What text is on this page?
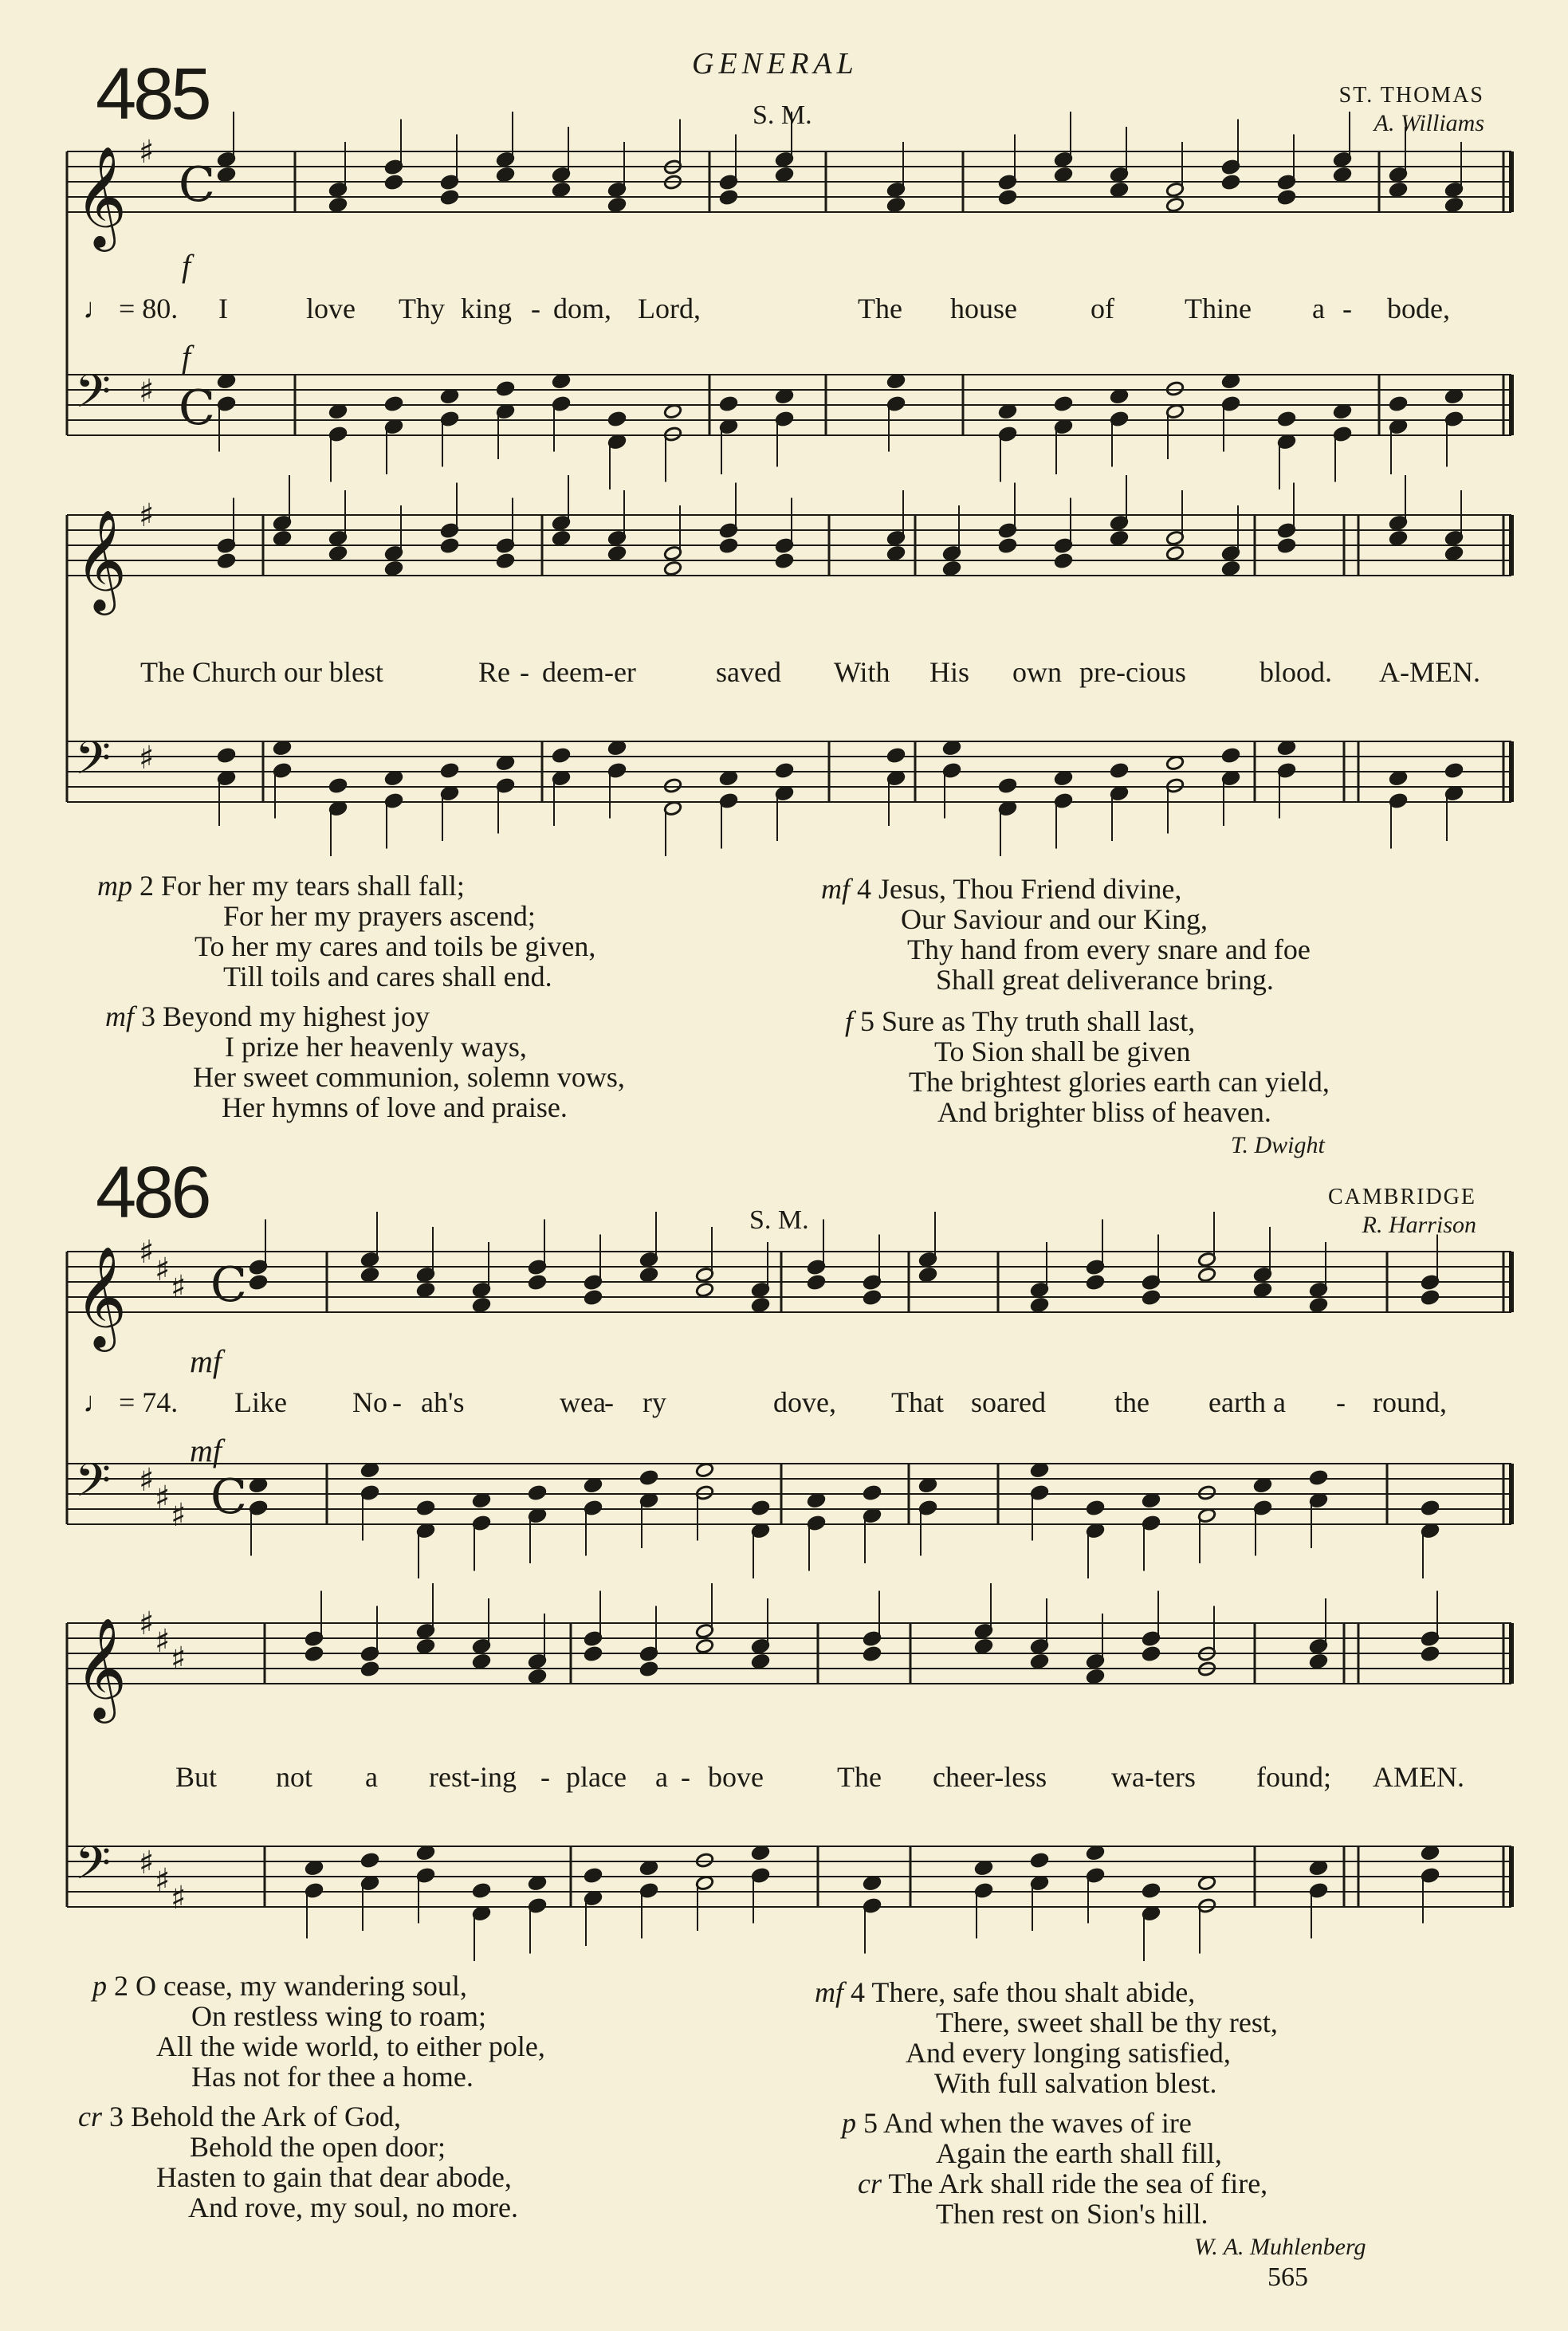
GENERAL
485	S. M.
ST. THOMAS
A. Williams
𝄞
𝄢
♯
♯
C
C
𝄞
𝄢
♯
♯
𝄞
𝄢
♯
♯
♯
♯
♯
♯
C
C
𝄞
𝄢
♯
♯
♯
♯
♯
♯
♩ = 80.
f
f
I	love Thy king - dom, Lord,	The house	of Thine a - bode,
The Church our blest	Re - deem-er	saved With His own pre-cious	blood. A-MEN.
mp 2 For her my tears shall fall;
For her my prayers ascend;
To her my cares and toils be given,
Till toils and cares shall end.
mf 3 Beyond my highest joy
I prize her heavenly ways,
Her sweet communion, solemn vows,
Her hymns of love and praise.
mf 4 Jesus, Thou Friend divine,
Our Saviour and our King,
Thy hand from every snare and foe
Shall great deliverance bring.
f 5 Sure as Thy truth shall last,
To Sion shall be given
The brightest glories earth can yield,
And brighter bliss of heaven.
T. Dwight
486	S. M.
CAMBRIDGE
R. Harrison
♩ = 74.
mf
mf
Like No - ah's	wea
- ry	dove, That soared the earth a - round,
But not a rest-ing - place a - bove	The cheer-less wa-ters found; AMEN.
p 2 O cease, my wandering soul,
On restless wing to roam;
All the wide world, to either pole,
Has not for thee a home.
cr 3 Behold the Ark of God,
Behold the open door;
Hasten to gain that dear abode,
And rove, my soul, no more.
mf 4 There, safe thou shalt abide,
There, sweet shall be thy rest,
And every longing satisfied,
With full salvation blest.
p 5 And when the waves of ire
Again the earth shall fill,
cr The Ark shall ride the sea of fire,
Then rest on Sion's hill.
W. A. Muhlenberg
565
